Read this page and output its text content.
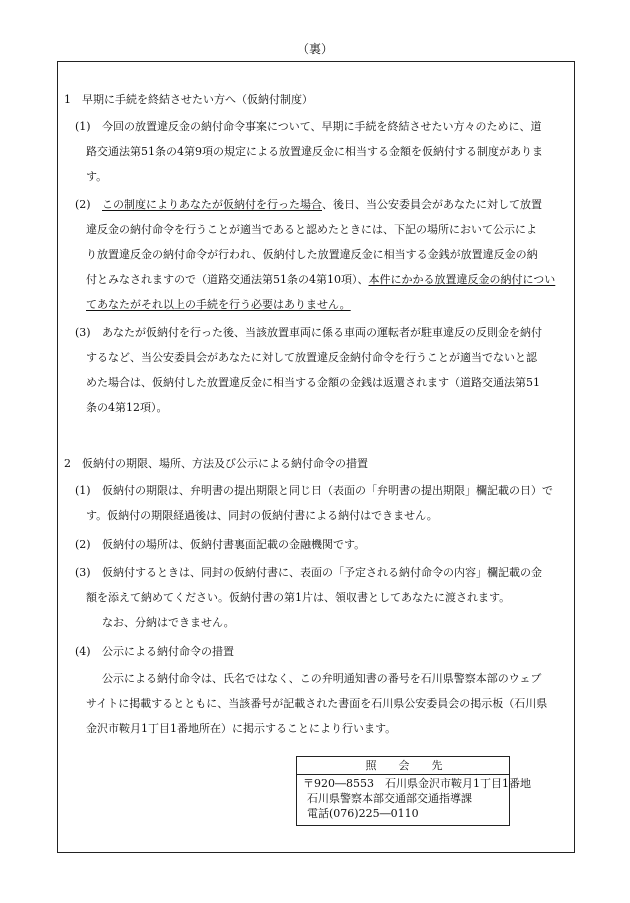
（裏）
1　早期に手続を終結させたい方へ（仮納付制度）
(1) 今回の放置違反金の納付命令事案について、早期に手続を終結させたい方々のために、道
路交通法第51条の4第9項の規定による放置違反金に相当する金額を仮納付する制度がありま
す。
(2) この制度によりあなたが仮納付を行った場合、後日、当公安委員会があなたに対して放置
違反金の納付命令を行うことが適当であると認めたときには、下記の場所において公示によ
り放置違反金の納付命令が行われ、仮納付した放置違反金に相当する金銭が放置違反金の納
付とみなされますので（道路交通法第51条の4第10項）、本件にかかる放置違反金の納付につい
てあなたがそれ以上の手続を行う必要はありません。
(3) あなたが仮納付を行った後、当該放置車両に係る車両の運転者が駐車違反の反則金を納付
するなど、当公安委員会があなたに対して放置違反金納付命令を行うことが適当でないと認
めた場合は、仮納付した放置違反金に相当する金額の金銭は返還されます（道路交通法第51
条の4第12項）。
2　仮納付の期限、場所、方法及び公示による納付命令の措置
(1) 仮納付の期限は、弁明書の提出期限と同じ日（表面の「弁明書の提出期限」欄記載の日）で
す。仮納付の期限経過後は、同封の仮納付書による納付はできません。
(2) 仮納付の場所は、仮納付書裏面記載の金融機関です。
(3) 仮納付するときは、同封の仮納付書に、表面の「予定される納付命令の内容」欄記載の金
額を添えて納めてください。仮納付書の第1片は、領収書としてあなたに渡されます。
なお、分納はできません。
(4) 公示による納付命令の措置
公示による納付命令は、氏名ではなく、この弁明通知書の番号を石川県警察本部のウェブ
サイトに掲載するとともに、当該番号が記載された書面を石川県公安委員会の掲示板（石川県
金沢市鞍月1丁目1番地所在）に掲示することにより行います。
照　　会　　先
〒920―8553　石川県金沢市鞍月1丁目1番地
石川県警察本部交通部交通指導課
電話(076)225―0110
